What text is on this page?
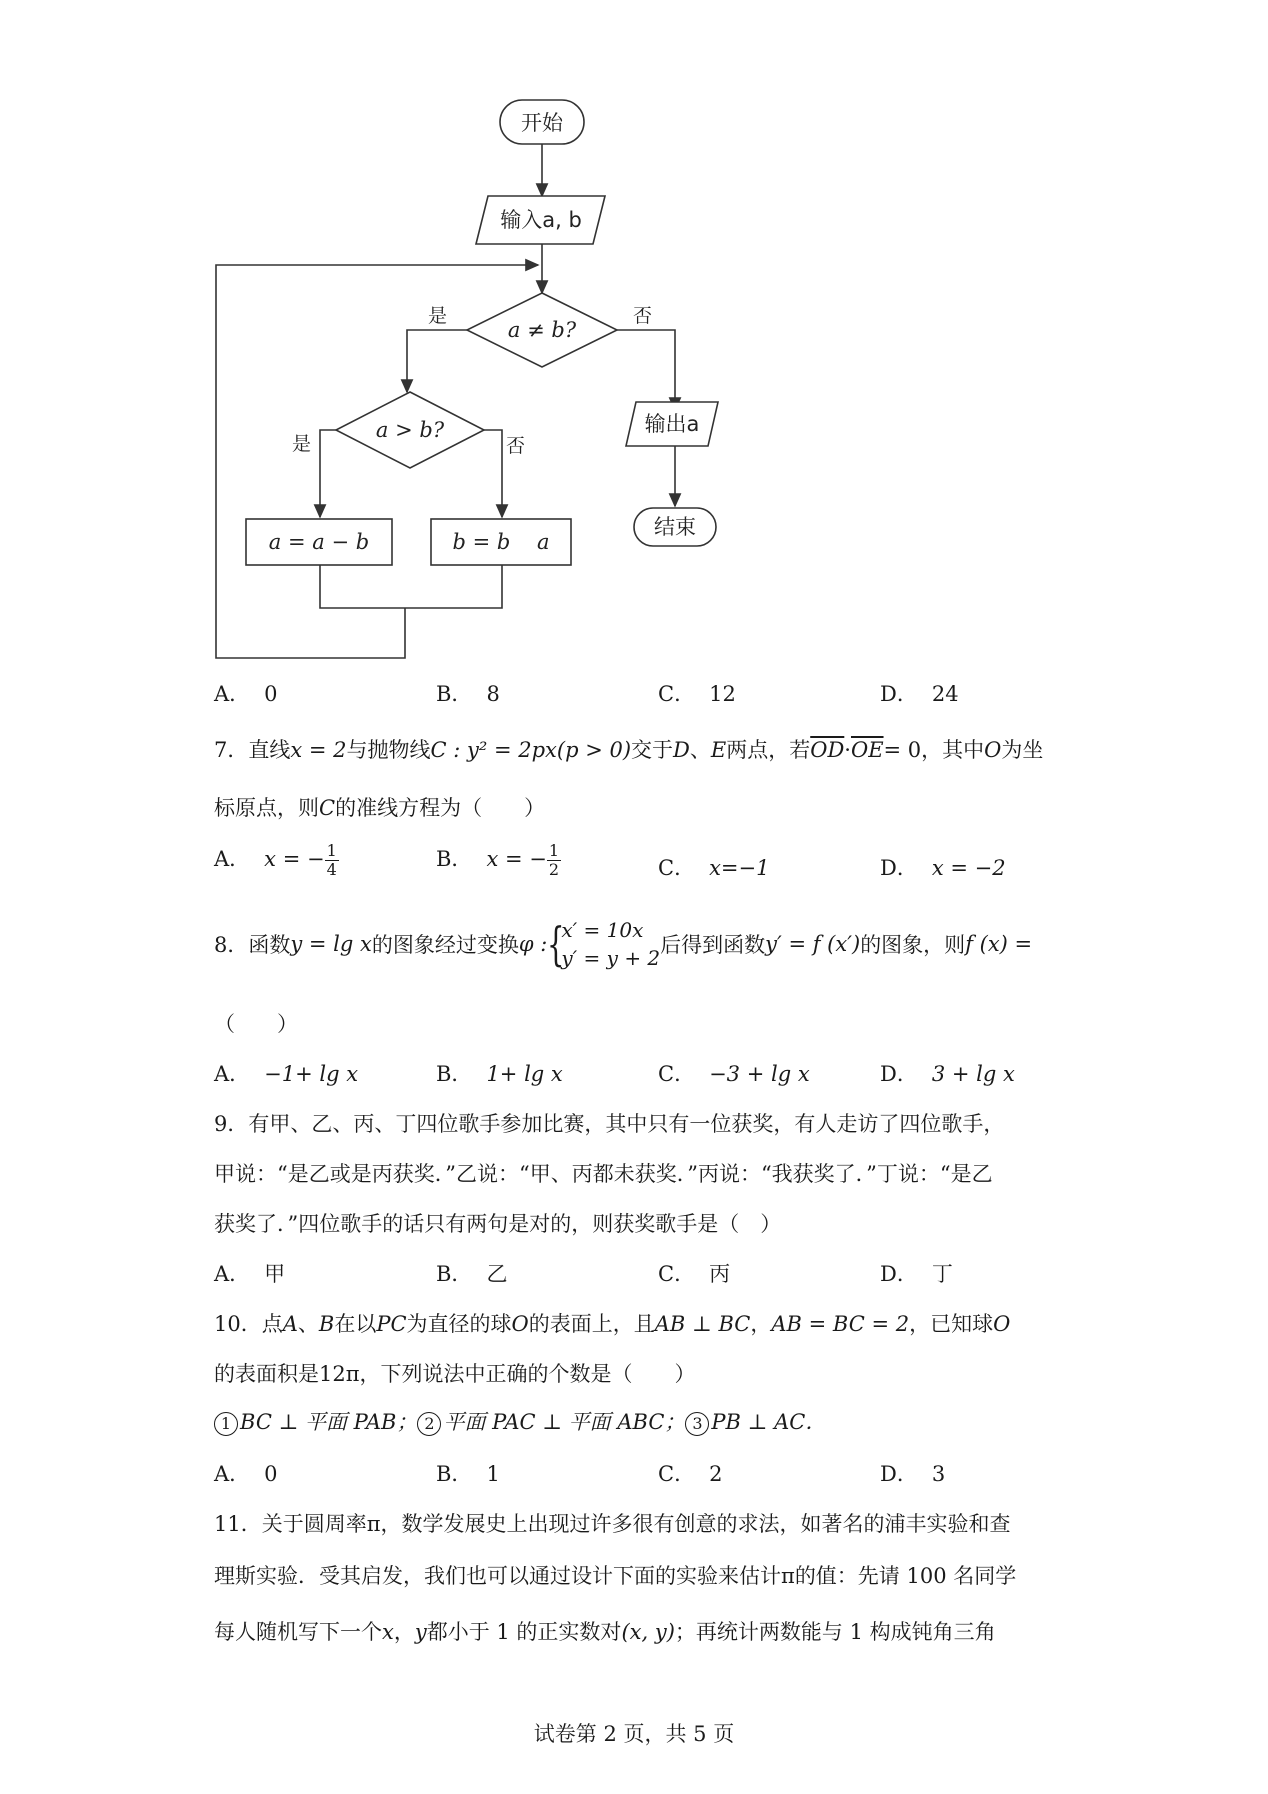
开始
输入a, b
a ≠ b?
是	否
a > b?
是	否
a = a − b	b = b    a
输出a
结束
A． 0	B． 8	C． 12	D． 24
7．直线x = 2与抛物线C : y² = 2px(p > 0)交于D、E两点，若$\overline{OD}\cdot\overline{OE}= 0$，其中O为坐
标原点，则C的准线方程为（　　）
A． x = − $\frac{1}{4}$	B． x = − $\frac{1}{2}$	C． x=−1	D． x = −2
8．函数y = lg x的图象经过变换φ : {
x′ = 10x
y′ = y + 2
后得到函数y′ = f (x′)的图象，则f (x) =
（　　）
A． −1+ lg x	B． 1+ lg x	C． −3 + lg x	D． 3 + lg x
9．有甲、乙、丙、丁四位歌手参加比赛，其中只有一位获奖，有人走访了四位歌手，
甲说：“是乙或是丙获奖．”乙说：“甲、丙都未获奖．”丙说：“我获奖了．”丁说：“是乙
获奖了．”四位歌手的话只有两句是对的，则获奖歌手是（　）
A． 甲	B． 乙	C． 丙	D． 丁
10．点A、B在以PC为直径的球O的表面上，且AB ⊥ BC，AB = BC = 2，已知球O
的表面积是12π，下列说法中正确的个数是（　　）
1 BC ⊥ 平面 PAB； 2 平面 PAC ⊥ 平面 ABC； 3 PB ⊥ AC．
A． 0	B． 1	C． 2	D． 3
11．关于圆周率π，数学发展史上出现过许多很有创意的求法，如著名的浦丰实验和查
理斯实验．受其启发，我们也可以通过设计下面的实验来估计π的值：先请 100 名同学
每人随机写下一个x，y都小于 1 的正实数对(x, y)；再统计两数能与 1 构成钝角三角
试卷第 2 页，共 5 页
